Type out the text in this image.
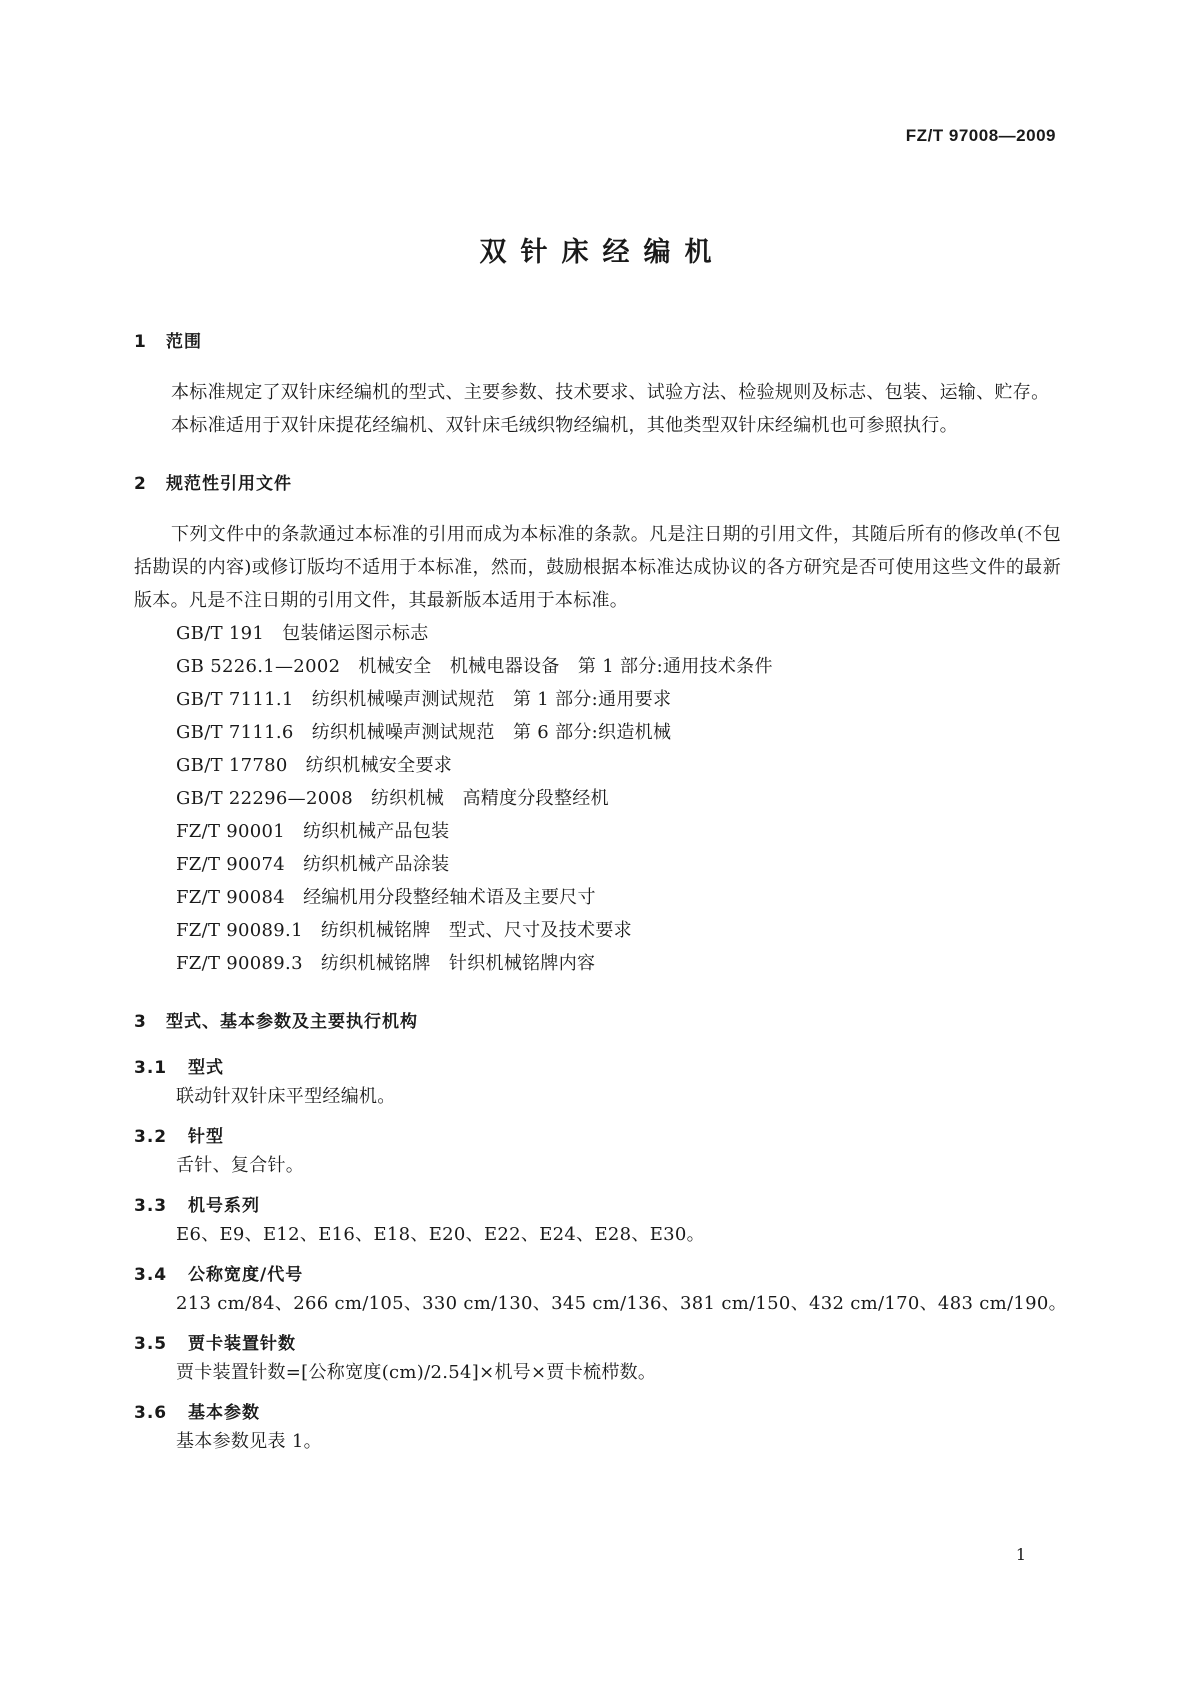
FZ/T 97008—2009
双针床经编机
1 范围

本标准规定了双针床经编机的型式、主要参数、技术要求、试验方法、检验规则及标志、包装、运输、贮存。

本标准适用于双针床提花经编机、双针床毛绒织物经编机，其他类型双针床经编机也可参照执行。

2 规范性引用文件

下列文件中的条款通过本标准的引用而成为本标准的条款。凡是注日期的引用文件，其随后所有的修改单(不包括勘误的内容)或修订版均不适用于本标准，然而，鼓励根据本标准达成协议的各方研究是否可使用这些文件的最新版本。凡是不注日期的引用文件，其最新版本适用于本标准。

GB/T 191 包装储运图示标志
GB 5226.1—2002 机械安全　机械电器设备　第 1 部分:通用技术条件
GB/T 7111.1 纺织机械噪声测试规范　第 1 部分:通用要求
GB/T 7111.6 纺织机械噪声测试规范　第 6 部分:织造机械
GB/T 17780 纺织机械安全要求
GB/T 22296—2008 纺织机械　高精度分段整经机
FZ/T 90001 纺织机械产品包装
FZ/T 90074 纺织机械产品涂装
FZ/T 90084 经编机用分段整经轴术语及主要尺寸
FZ/T 90089.1 纺织机械铭牌　型式、尺寸及技术要求
FZ/T 90089.3 纺织机械铭牌　针织机械铭牌内容
3 型式、基本参数及主要执行机构
3.1 型式
联动针双针床平型经编机。
3.2 针型
舌针、复合针。
3.3 机号系列
E6、E9、E12、E16、E18、E20、E22、E24、E28、E30。
3.4 公称宽度/代号
213 cm/84、266 cm/105、330 cm/130、345 cm/136、381 cm/150、432 cm/170、483 cm/190。
3.5 贾卡装置针数
贾卡装置针数=[公称宽度(cm)/2.54]×机号×贾卡梳栉数。
3.6 基本参数
基本参数见表 1。
1
